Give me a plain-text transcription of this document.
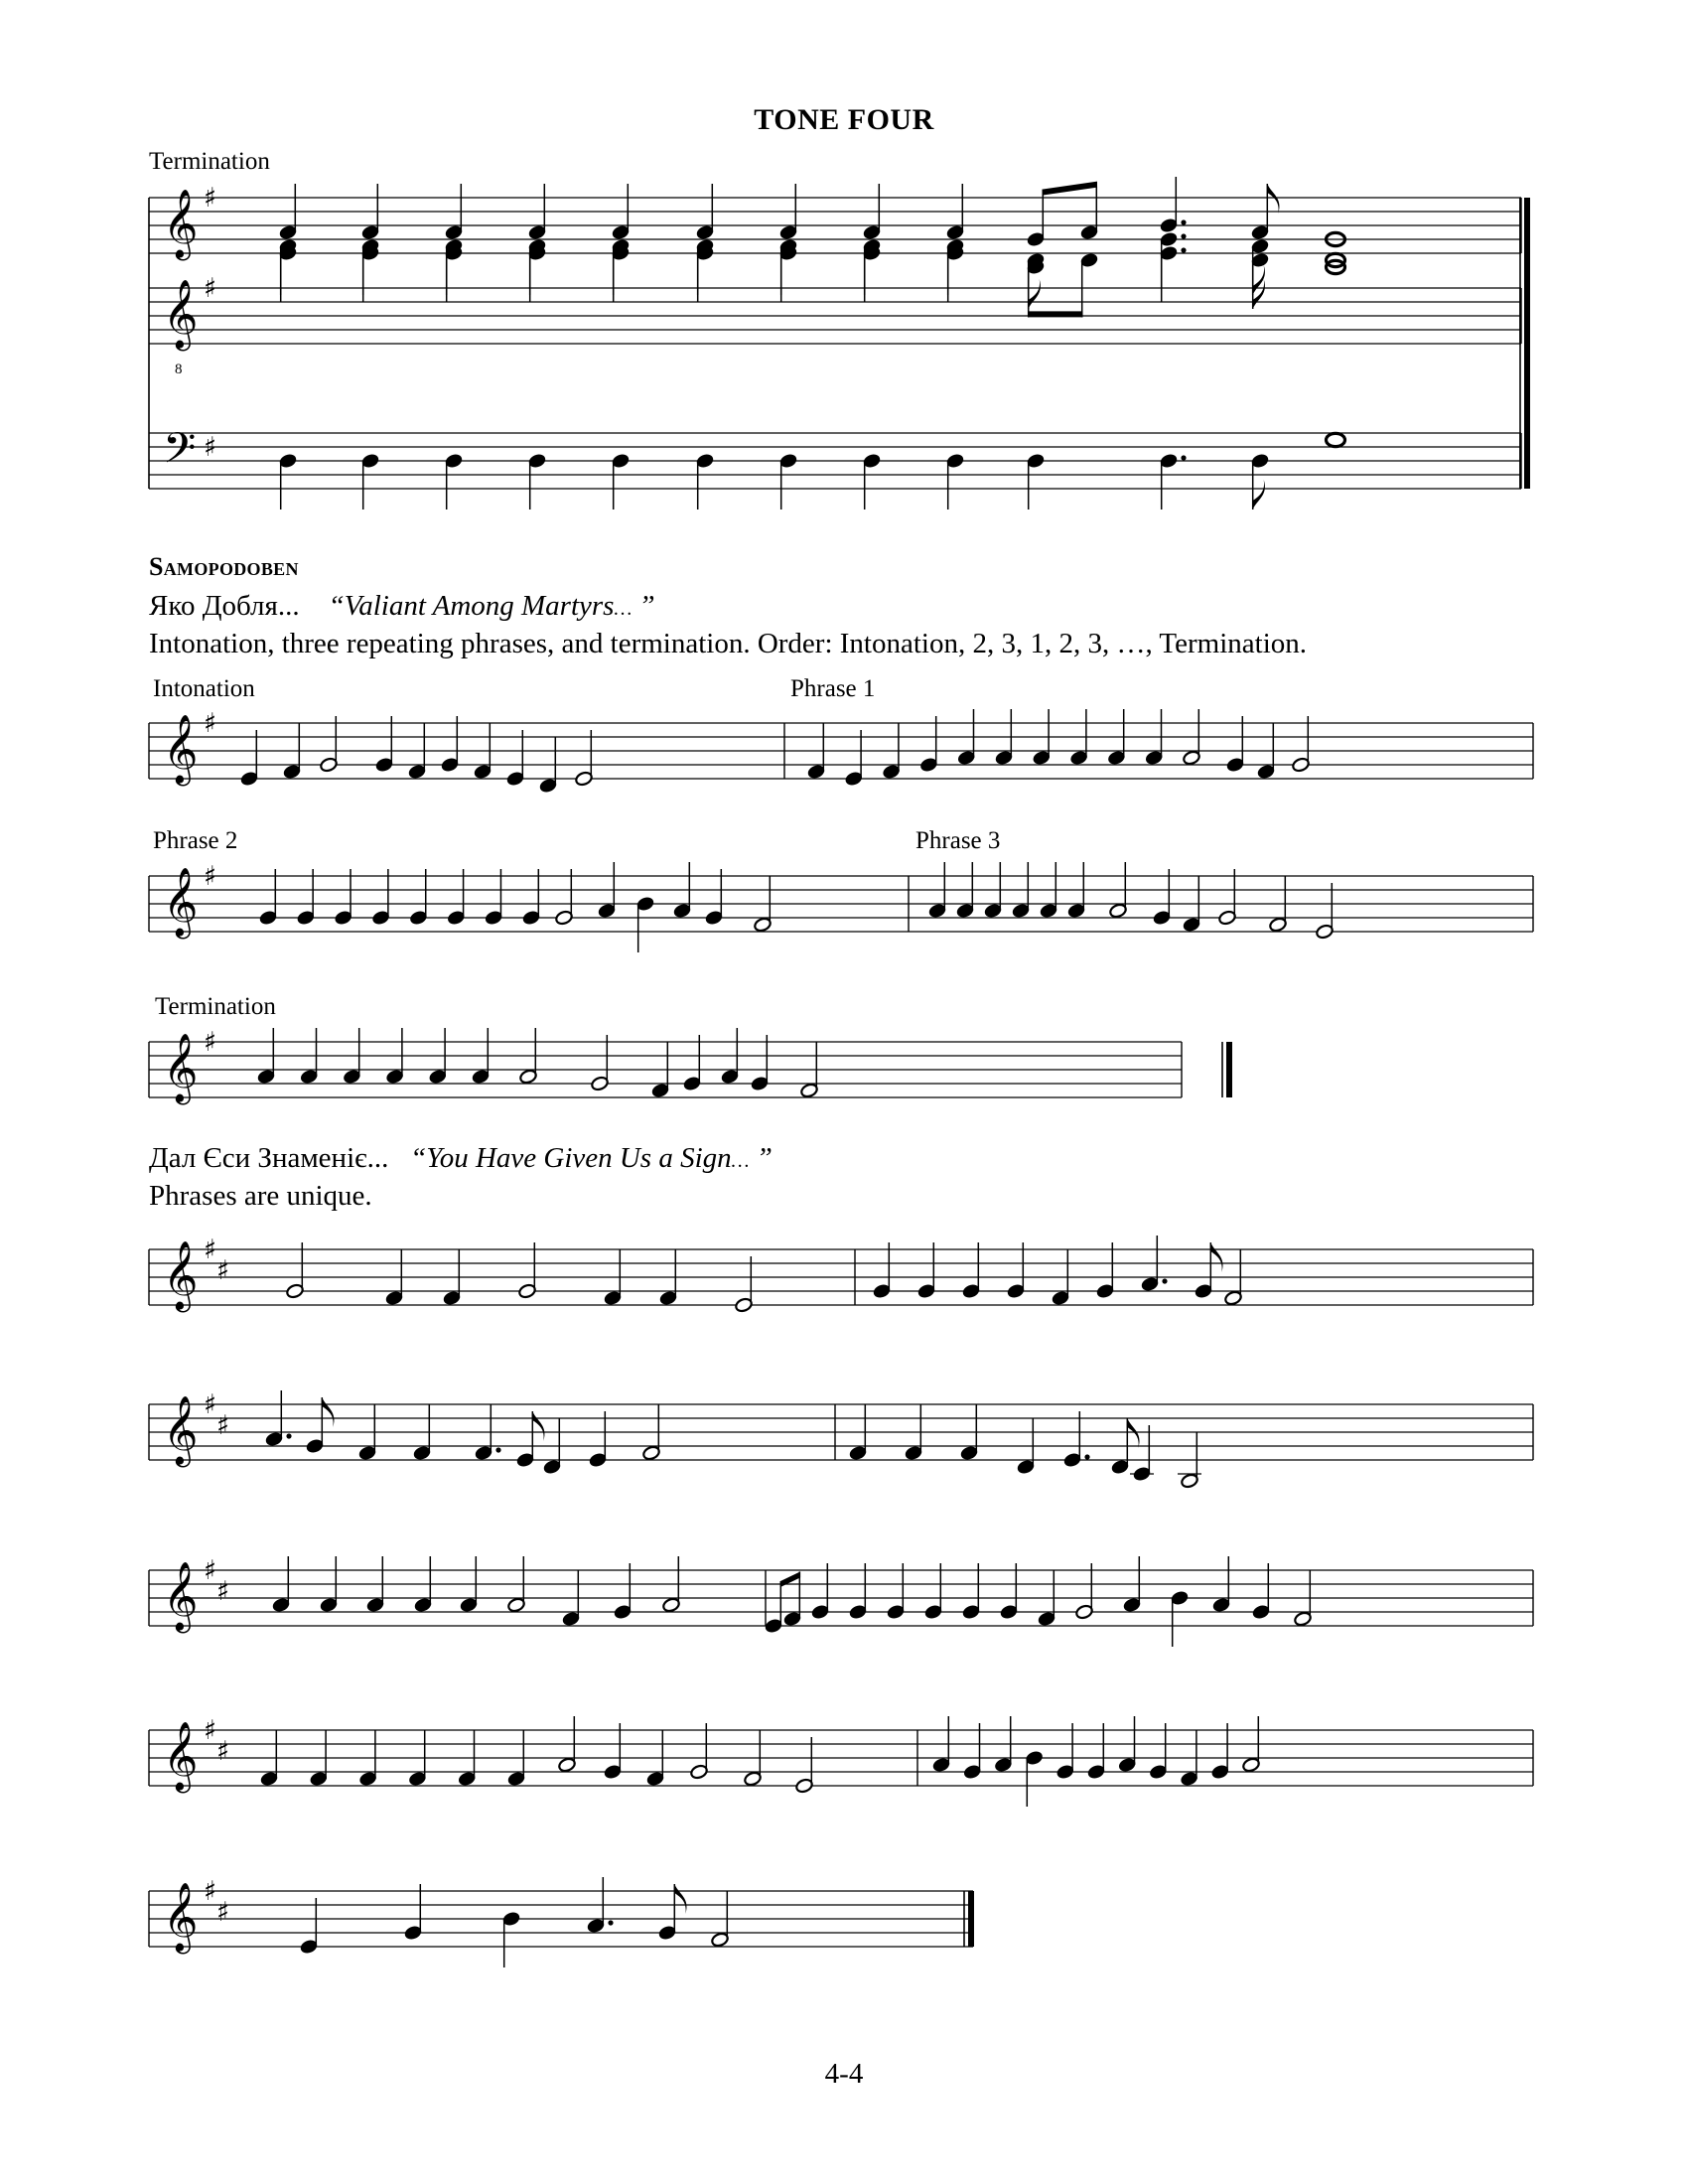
TONE FOUR
Termination
Samopodoben
Яко Добля... “Valiant Among Martyrs… ”
Intonation, three repeating phrases, and termination. Order: Intonation, 2, 3, 1, 2, 3, …, Termination.
Intonation	Phrase 1
Phrase 2	Phrase 3
Termination
Дал Єси Знаменіє... “You Have Given Us a Sign… ”
Phrases are unique.
𝄞 ♯
𝄞
8
♯
𝄢 ♯
𝄞 ♯
𝄞 ♯
𝄞 ♯
𝄞 ♯
♯
𝄞 ♯
♯
𝄞 ♯
♯
𝄞 ♯
♯
𝄞 ♯
♯
4-4
